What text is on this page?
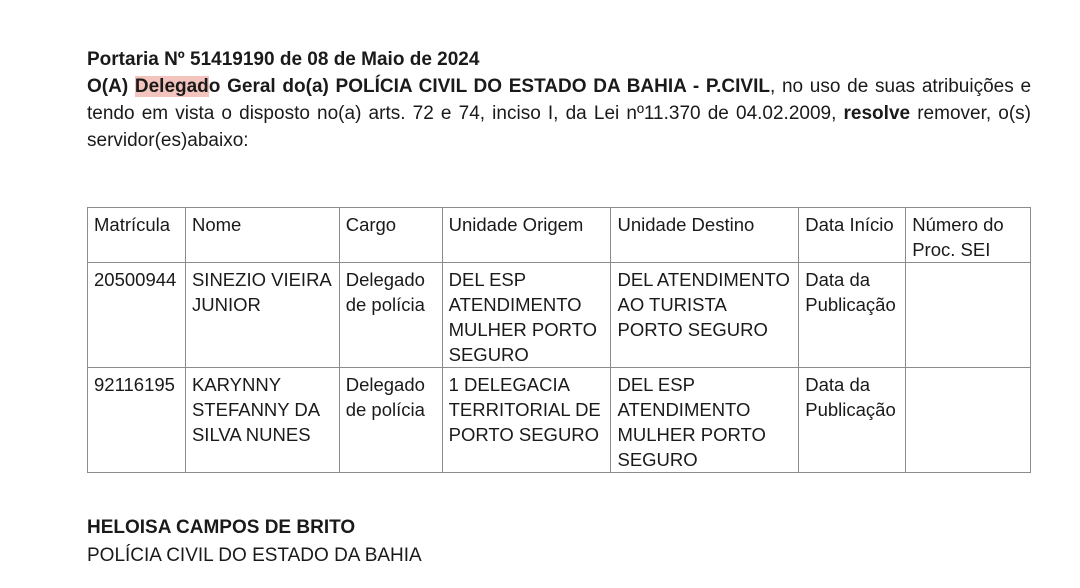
Portaria Nº 51419190 de 08 de Maio de 2024

O(A) Delegado Geral do(a) POLÍCIA CIVIL DO ESTADO DA BAHIA - P.CIVIL, no uso de suas atribuições e tendo em vista o disposto no(a) arts. 72 e 74, inciso I, da Lei nº11.370 de 04.02.2009, resolve remover, o(s) servidor(es)abaixo:

Matrícula	Nome	Cargo	Unidade Origem	Unidade Destino	Data Início	Número do Proc. SEI
20500944	SINEZIO VIEIRA JUNIOR	Delegado de polícia	DEL ESP ATENDIMENTO MULHER PORTO SEGURO	DEL ATENDIMENTO AO TURISTA PORTO SEGURO	Data da Publicação	
92116195	KARYNNY STEFANNY DA SILVA NUNES	Delegado de polícia	1 DELEGACIA TERRITORIAL DE PORTO SEGURO	DEL ESP ATENDIMENTO MULHER PORTO SEGURO	Data da Publicação	

HELOISA CAMPOS DE BRITO

POLÍCIA CIVIL DO ESTADO DA BAHIA
